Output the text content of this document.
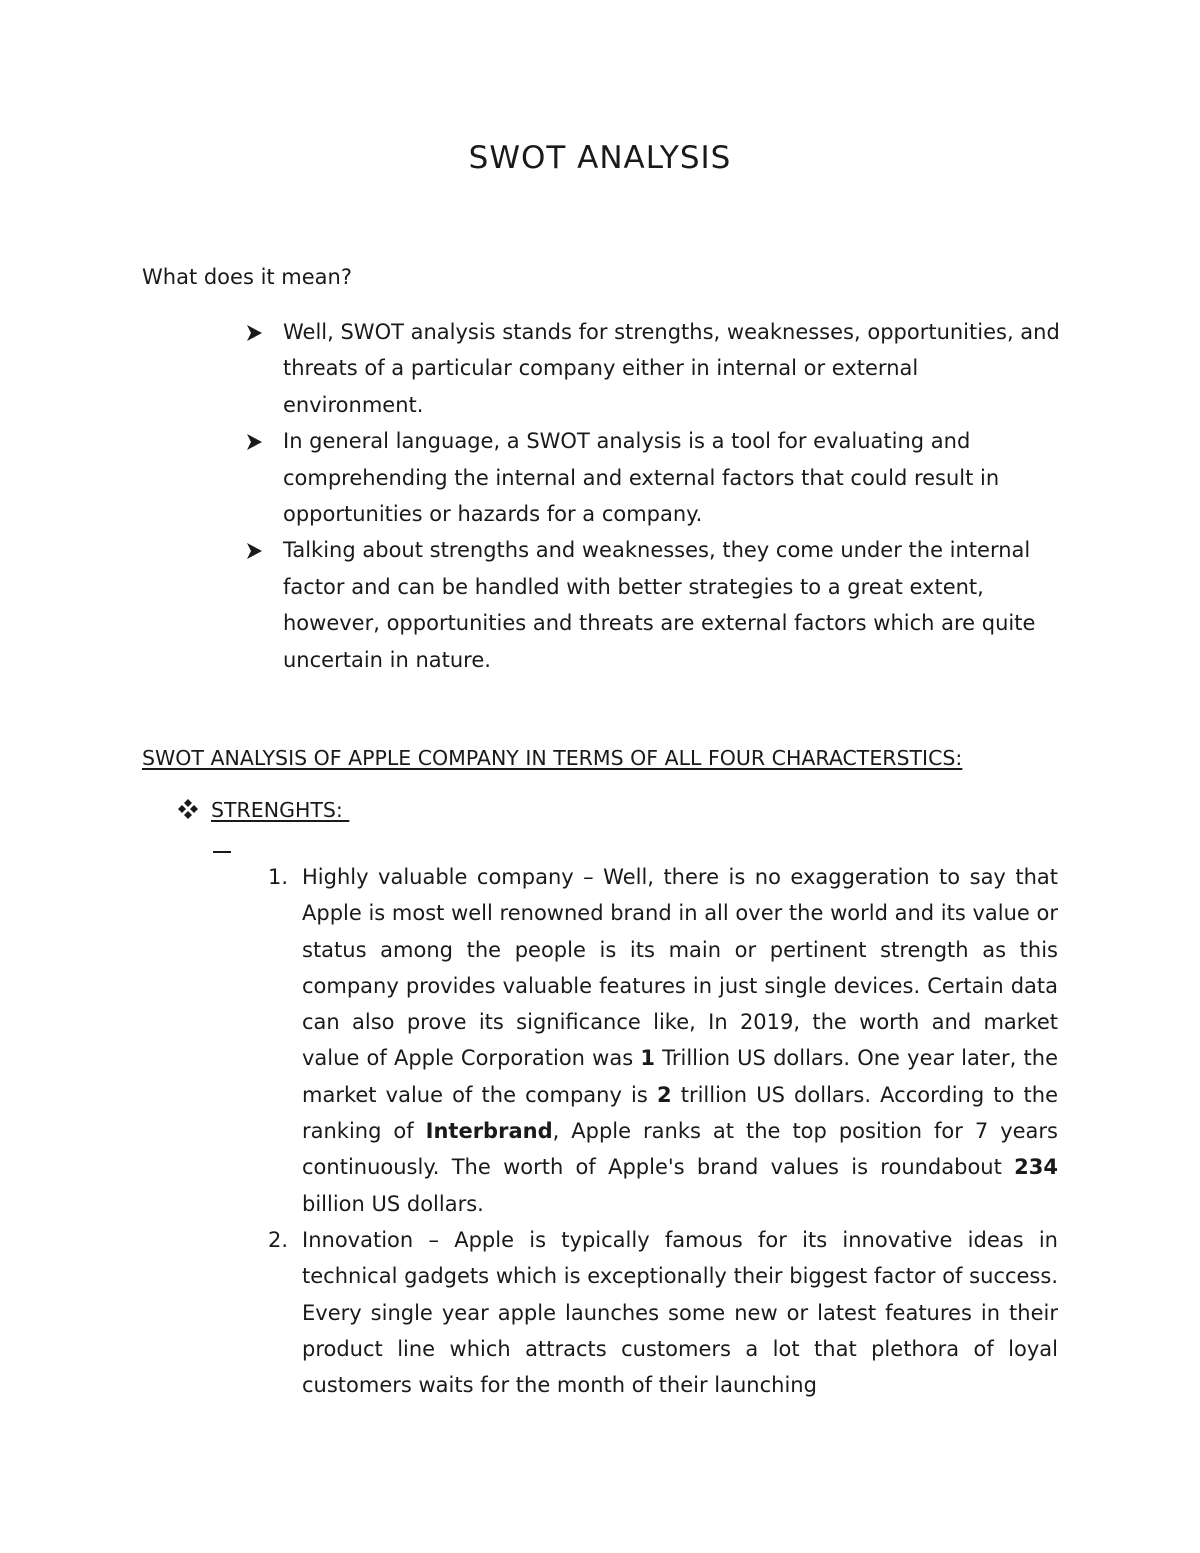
SWOT ANALYSIS
What does it mean?
Well, SWOT analysis stands for strengths, weaknesses, opportunities, and threats of a particular company either in internal or external environment.
In general language, a SWOT analysis is a tool for evaluating and comprehending the internal and external factors that could result in opportunities or hazards for a company.
Talking about strengths and weaknesses, they come under the internal factor and can be handled with better strategies to a great extent, however, opportunities and threats are external factors which are quite uncertain in nature.
SWOT ANALYSIS OF APPLE COMPANY IN TERMS OF ALL FOUR CHARACTERSTICS:
STRENGHTS:
1. Highly valuable company – Well, there is no exaggeration to say that Apple is most well renowned brand in all over the world and its value or status among the people is its main or pertinent strength as this company provides valuable features in just single devices. Certain data can also prove its significance like, In 2019, the worth and market value of Apple Corporation was 1 Trillion US dollars. One year later, the market value of the company is 2 trillion US dollars. According to the ranking of Interbrand, Apple ranks at the top position for 7 years continuously. The worth of Apple's brand values is roundabout 234 billion US dollars.
2. Innovation – Apple is typically famous for its innovative ideas in technical gadgets which is exceptionally their biggest factor of success. Every single year apple launches some new or latest features in their product line which attracts customers a lot that plethora of loyal customers waits for the month of their launching
